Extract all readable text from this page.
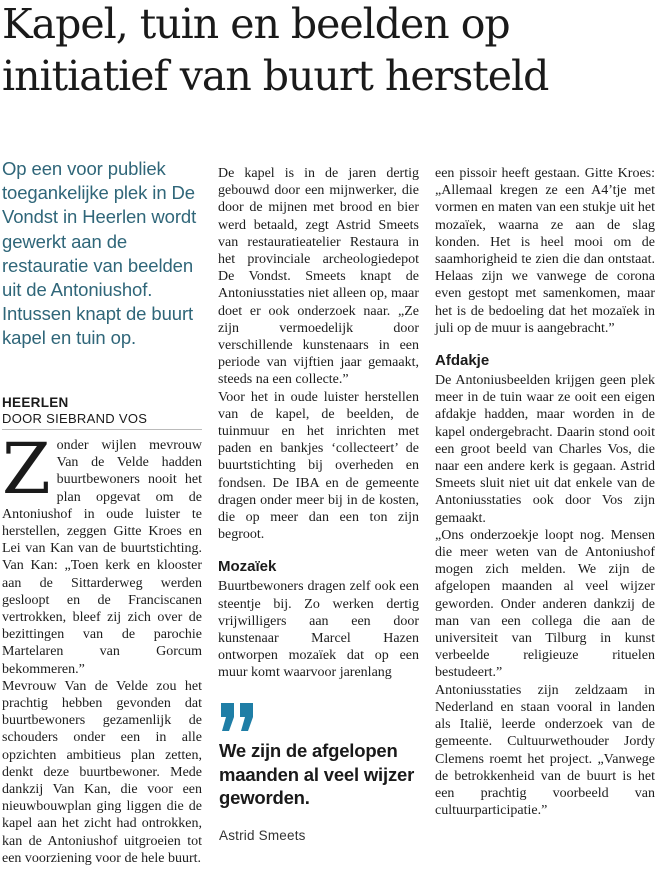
Kapel, tuin en beelden op
initiatief van buurt hersteld
Op een voor publiek toegankelijke plek in De Vondst in Heerlen wordt gewerkt aan de restauratie van beelden uit de Antoniushof. Intussen knapt de buurt kapel en tuin op.
HEERLEN
DOOR SIEBRAND VOS

Zonder wijlen mevrouw Van de Velde hadden buurtbewoners nooit het plan opgevat om de Antoniushof in oude luister te herstellen, zeggen Gitte Kroes en Lei van Kan van de buurtstichting. Van Kan: „Toen kerk en klooster aan de Sittarderweg werden gesloopt en de Franciscanen vertrokken, bleef zij zich over de bezittingen van de parochie Martelaren van Gorcum bekommeren.”

Mevrouw Van de Velde zou het prachtig hebben gevonden dat buurtbewoners gezamenlijk de schouders onder een in alle opzichten ambitieus plan zetten, denkt deze buurtbewoner. Mede dankzij Van Kan, die voor een nieuwbouwplan ging liggen die de kapel aan het zicht had ontrokken, kan de Antoniushof uitgroeien tot een voorziening voor de hele buurt.

De kapel is in de jaren dertig gebouwd door een mijnwerker, die door de mijnen met brood en bier werd betaald, zegt Astrid Smeets van restauratieatelier Restaura in het provinciale archeologiedepot De Vondst. Smeets knapt de Antoniusstaties niet alleen op, maar doet er ook onderzoek naar. „Ze zijn vermoedelijk door verschillende kunstenaars in een periode van vijftien jaar gemaakt, steeds na een collecte.”

Voor het in oude luister herstellen van de kapel, de beelden, de tuinmuur en het inrichten met paden en bankjes ‘collecteert’ de buurtstichting bij overheden en fondsen. De IBA en de gemeente dragen onder meer bij in de kosten, die op meer dan een ton zijn begroot.

Mozaïek

Buurtbewoners dragen zelf ook een steentje bij. Zo werken dertig vrijwilligers aan een door kunstenaar Marcel Hazen ontworpen mozaïek dat op een muur komt waarvoor jarenlang

een pissoir heeft gestaan. Gitte Kroes: „Allemaal kregen ze een A4’tje met vormen en maten van een stukje uit het mozaïek, waarna ze aan de slag konden. Het is heel mooi om de saamhorigheid te zien die dan ontstaat. Helaas zijn we vanwege de corona even gestopt met samenkomen, maar het is de bedoeling dat het mozaïek in juli op de muur is aangebracht.”

Afdakje

De Antoniusbeelden krijgen geen plek meer in de tuin waar ze ooit een eigen afdakje hadden, maar worden in de kapel ondergebracht. Daarin stond ooit een groot beeld van Charles Vos, die naar een andere kerk is gegaan. Astrid Smeets sluit niet uit dat enkele van de Antoniusstaties ook door Vos zijn gemaakt.

„Ons onderzoekje loopt nog. Mensen die meer weten van de Antoniushof mogen zich melden. We zijn de afgelopen maanden al veel wijzer geworden. Onder anderen dankzij de man van een collega die aan de universiteit van Tilburg in kunst verbeelde religieuze rituelen bestudeert.”

Antoniusstaties zijn zeldzaam in Nederland en staan vooral in landen als Italië, leerde onderzoek van de gemeente. Cultuurwethouder Jordy Clemens roemt het project. „Vanwege de betrokkenheid van de buurt is het een prachtig voorbeeld van cultuurparticipatie.”

We zijn de afgelopen maanden al veel wijzer geworden.
Astrid Smeets
